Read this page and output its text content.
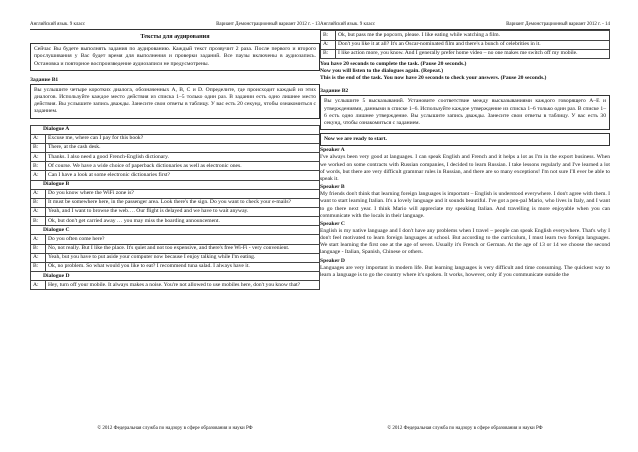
Английский язык. 9 класс	Вариант Демонстрационный вариант 2012 г. - 13
Тексты для аудирования
Сейчас Вы будете выполнять задания по аудированию. Каждый текст прозвучит 2 раза. После первого и второго прослушивания у Вас будет время для выполнения и проверки заданий. Все паузы включены в аудиозапись. Остановка и повторное воспроизведение аудиозаписи не предусмотрены.
Задание В1
Вы услышите четыре коротких диалога, обозначенных A, B, C и D. Определите, где происходит каждый из этих диалогов. Используйте каждое место действия из списка 1–5 только один раз. В задании есть одно лишнее место действия. Вы услышите запись дважды. Занесите свои ответы в таблицу. У вас есть 20 секунд, чтобы ознакомиться с заданием.
Dialogue A	
A:	Excuse me, where can I pay for this book?
B:	There, at the cash desk.
A:	Thanks. I also need a good French-English dictionary.
B:	Of course. We have a wide choice of paperback dictionaries as well as electronic ones.
A:	Can I have a look at some electronic dictionaries first?
Dialogue B	
A:	Do you know where the WiFi zone is?
B:	It must be somewhere here, in the passenger area. Look there's the sign. Do you want to check your e-mails?
A:	Yeah, and I want to browse the web…. Our flight is delayed and we have to wait anyway.
B:	Ok, but don't get carried away … you may miss the boarding announcement.
Dialogue C	
A:	Do you often come here?
B:	No, not really. But I like the place. It's quiet and not too expensive, and there's free Wi-Fi - very convenient.
A:	Yeah, but you have to put aside your computer now because I enjoy talking while I'm eating.
B:	Ok, no problem. So what would you like to eat? I recommend tuna salad. I always have it.
Dialogue D	
A:	Hey, turn off your mobile. It always makes a noise. You're not allowed to use mobiles here, don't you know that?
© 2012 Федеральная служба по надзору в сфере образования и науки РФ
Английский язык. 9 класс	Вариант Демонстрационный вариант 2012 г. - 14
B:	Ok, but pass me the popcorn, please. I like eating while watching a film.
A:	Don't you like it at all? It's an Oscar-nominated film and there's a bunch of celebrities in it.
B:	I like action more, you know. And I generally prefer home video – no one makes me switch off my mobile.
You have 20 seconds to complete the task. (Pause 20 seconds.)
Now you will listen to the dialogues again. (Repeat.)
This is the end of the task. You now have 20 seconds to check your answers. (Pause 20 seconds.)
Задание В2
Вы услышите 5 высказываний. Установите соответствие между высказываниями каждого говорящего A–E и утверждениями, данными в списке 1–6. Используйте каждое утверждение из списка 1–6 только один раз. В списке 1–6 есть одно лишнее утверждение. Вы услышите запись дважды. Занесите свои ответы в таблицу. У вас есть 30 секунд, чтобы ознакомиться с заданием.
Now we are ready to start.
Speaker A

I've always been very good at languages. I can speak English and French and it helps a lot as I'm in the export business. When we worked on some contracts with Russian companies, I decided to learn Russian. I take lessons regularly and I've learned a lot of words, but there are very difficult grammar rules in Russian, and there are so many exceptions! I'm not sure I'll ever be able to speak it.

Speaker B

My friends don't think that learning foreign languages is important – English is understood everywhere. I don't agree with them. I want to start learning Italian. It's a lovely language and it sounds beautiful. I've got a pen-pal Mario, who lives in Italy, and I want to go there next year. I think Mario will appreciate my speaking Italian. And travelling is more enjoyable when you can communicate with the locals in their language.

Speaker C

English is my native language and I don't have any problems when I travel – people can speak English everywhere. That's why I don't feel motivated to learn foreign languages at school. But according to the curriculum, I must learn two foreign languages. We start learning the first one at the age of seven. Usually it's French or German. At the age of 13 or 14 we choose the second language - Italian, Spanish, Chinese or others.

Speaker D

Languages are very important in modern life. But learning languages is very difficult and time consuming. The quickest way to learn a language is to go the country where it's spoken. It works, however, only if you communicate outside the

© 2012 Федеральная служба по надзору в сфере образования и науки РФ
